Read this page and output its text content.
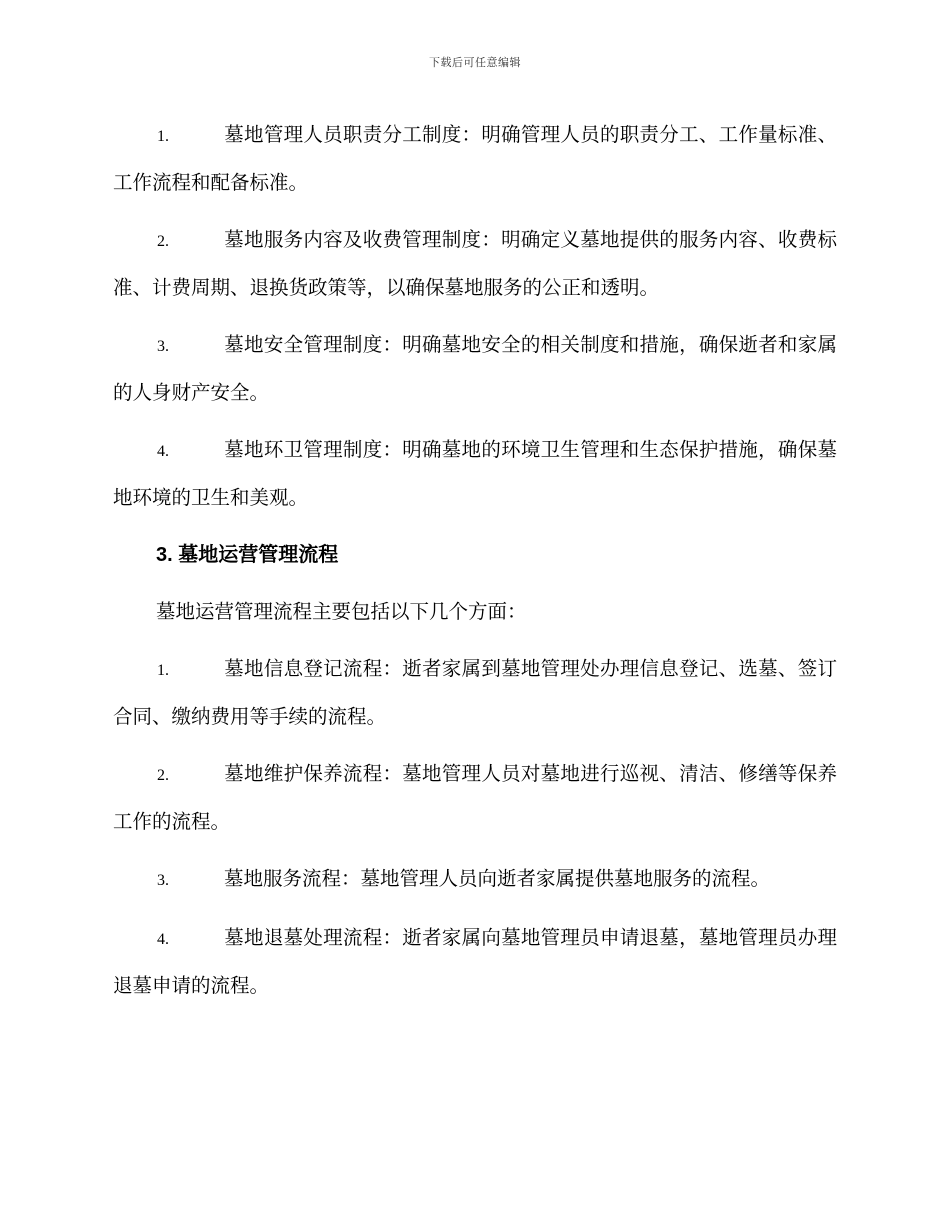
下载后可任意编辑

1.	墓地管理人员职责分工制度：明确管理人员的职责分工、工作量标准、工作流程和配备标准。

2.	墓地服务内容及收费管理制度：明确定义墓地提供的服务内容、收费标准、计费周期、退换货政策等，以确保墓地服务的公正和透明。

3.	墓地安全管理制度：明确墓地安全的相关制度和措施，确保逝者和家属的人身财产安全。

4.	墓地环卫管理制度：明确墓地的环境卫生管理和生态保护措施，确保墓地环境的卫生和美观。

3. 墓地运营管理流程

墓地运营管理流程主要包括以下几个方面：

1.	墓地信息登记流程：逝者家属到墓地管理处办理信息登记、选墓、签订合同、缴纳费用等手续的流程。

2.	墓地维护保养流程：墓地管理人员对墓地进行巡视、清洁、修缮等保养工作的流程。

3.	墓地服务流程：墓地管理人员向逝者家属提供墓地服务的流程。

4.	墓地退墓处理流程：逝者家属向墓地管理员申请退墓，墓地管理员办理退墓申请的流程。
